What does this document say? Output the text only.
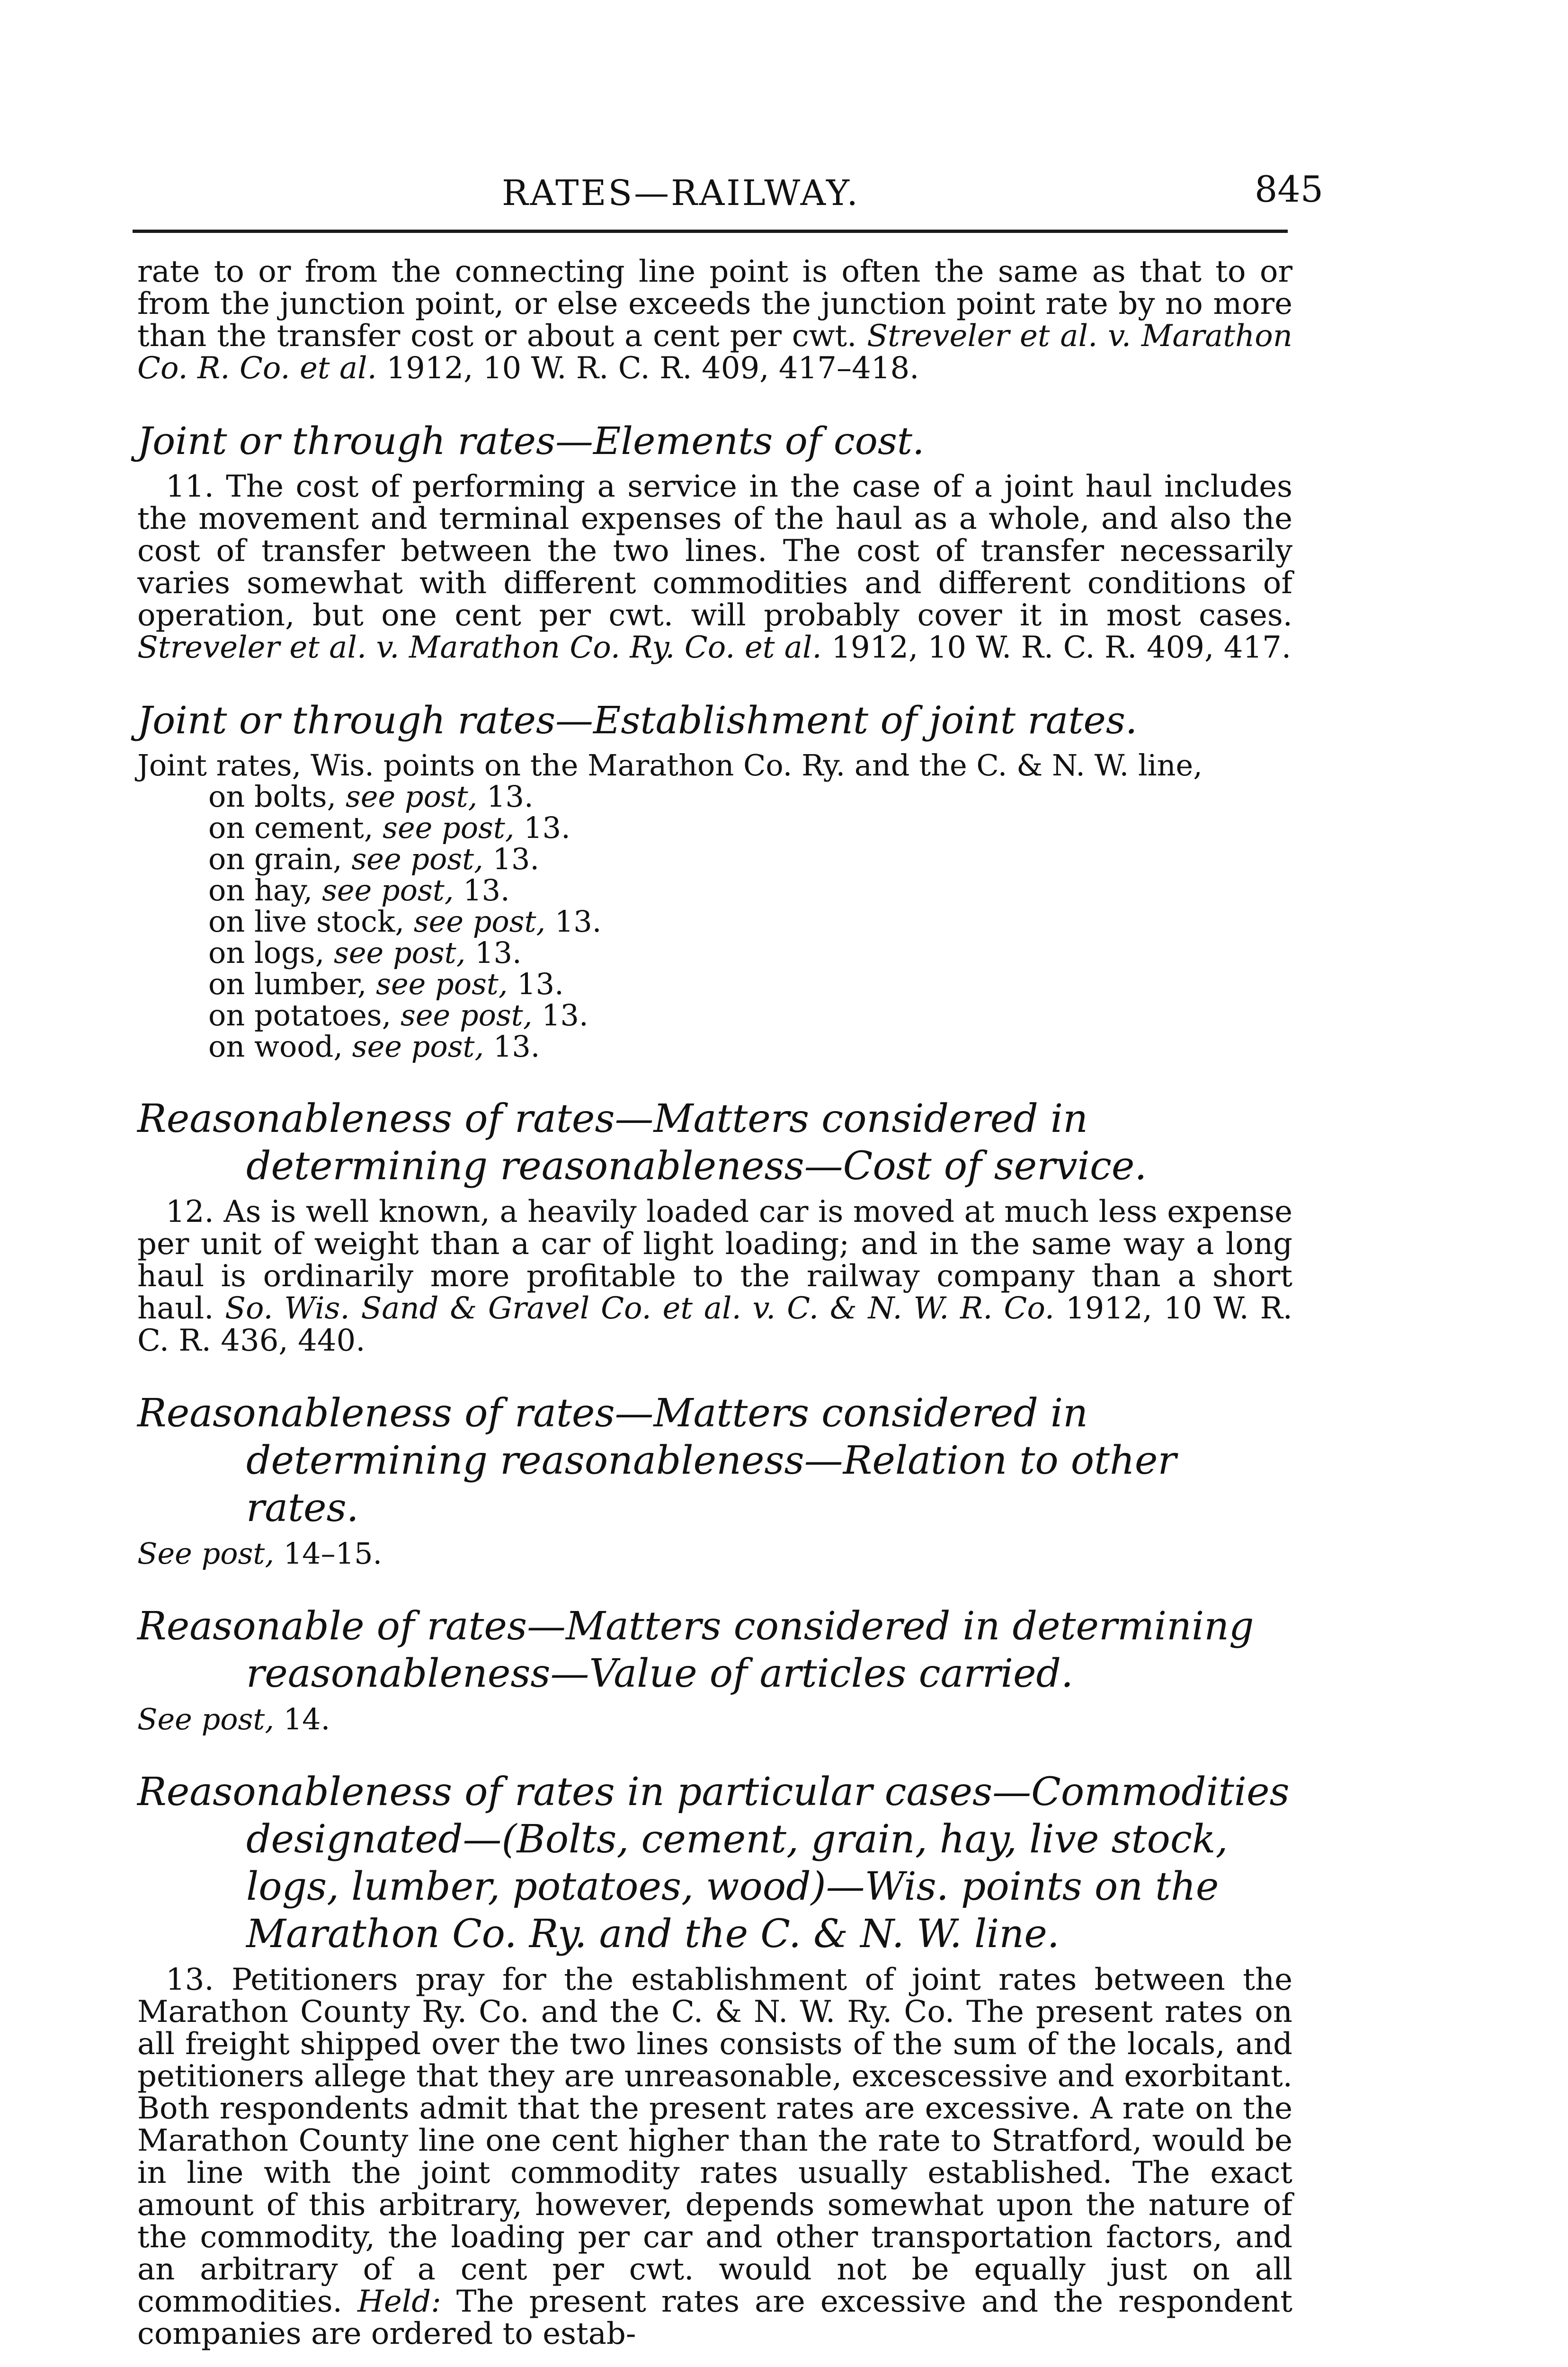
RATES—RAILWAY.	845

rate to or from the connecting line point is often the same as that to or from the junction point, or else exceeds the junction point rate by no more than the transfer cost or about a cent per cwt. Streveler et al. v. Marathon Co. R. Co. et al. 1912, 10 W. R. C. R. 409, 417–418.

Joint or through rates—Elements of cost.

11. The cost of performing a service in the case of a joint haul includes the movement and terminal expenses of the haul as a whole, and also the cost of transfer between the two lines. The cost of transfer necessarily varies somewhat with different commodities and different conditions of operation, but one cent per cwt. will probably cover it in most cases. Streveler et al. v. Marathon Co. Ry. Co. et al. 1912, 10 W. R. C. R. 409, 417.

Joint or through rates—Establishment of joint rates.

Joint rates, Wis. points on the Marathon Co. Ry. and the C. & N. W. line,
on bolts, see post, 13.
on cement, see post, 13.
on grain, see post, 13.
on hay, see post, 13.
on live stock, see post, 13.
on logs, see post, 13.
on lumber, see post, 13.
on potatoes, see post, 13.
on wood, see post, 13.

Reasonableness of rates—Matters considered in determining reasonableness—Cost of service.

12. As is well known, a heavily loaded car is moved at much less expense per unit of weight than a car of light loading; and in the same way a long haul is ordinarily more profitable to the railway company than a short haul. So. Wis. Sand & Gravel Co. et al. v. C. & N. W. R. Co. 1912, 10 W. R. C. R. 436, 440.

Reasonableness of rates—Matters considered in determining reasonableness—Relation to other rates.

See post, 14–15.

Reasonable of rates—Matters considered in determining reasonableness—Value of articles carried.

See post, 14.

Reasonableness of rates in particular cases—Commodities designated—(Bolts, cement, grain, hay, live stock, logs, lumber, potatoes, wood)—Wis. points on the Marathon Co. Ry. and the C. & N. W. line.

13. Petitioners pray for the establishment of joint rates between the Marathon County Ry. Co. and the C. & N. W. Ry. Co. The present rates on all freight shipped over the two lines consists of the sum of the locals, and petitioners allege that they are unreasonable, excescessive and exorbitant. Both respondents admit that the present rates are excessive. A rate on the Marathon County line one cent higher than the rate to Stratford, would be in line with the joint commodity rates usually established. The exact amount of this arbitrary, however, depends somewhat upon the nature of the commodity, the loading per car and other transportation factors, and an arbitrary of a cent per cwt. would not be equally just on all commodities. Held: The present rates are excessive and the respondent companies are ordered to estab-
